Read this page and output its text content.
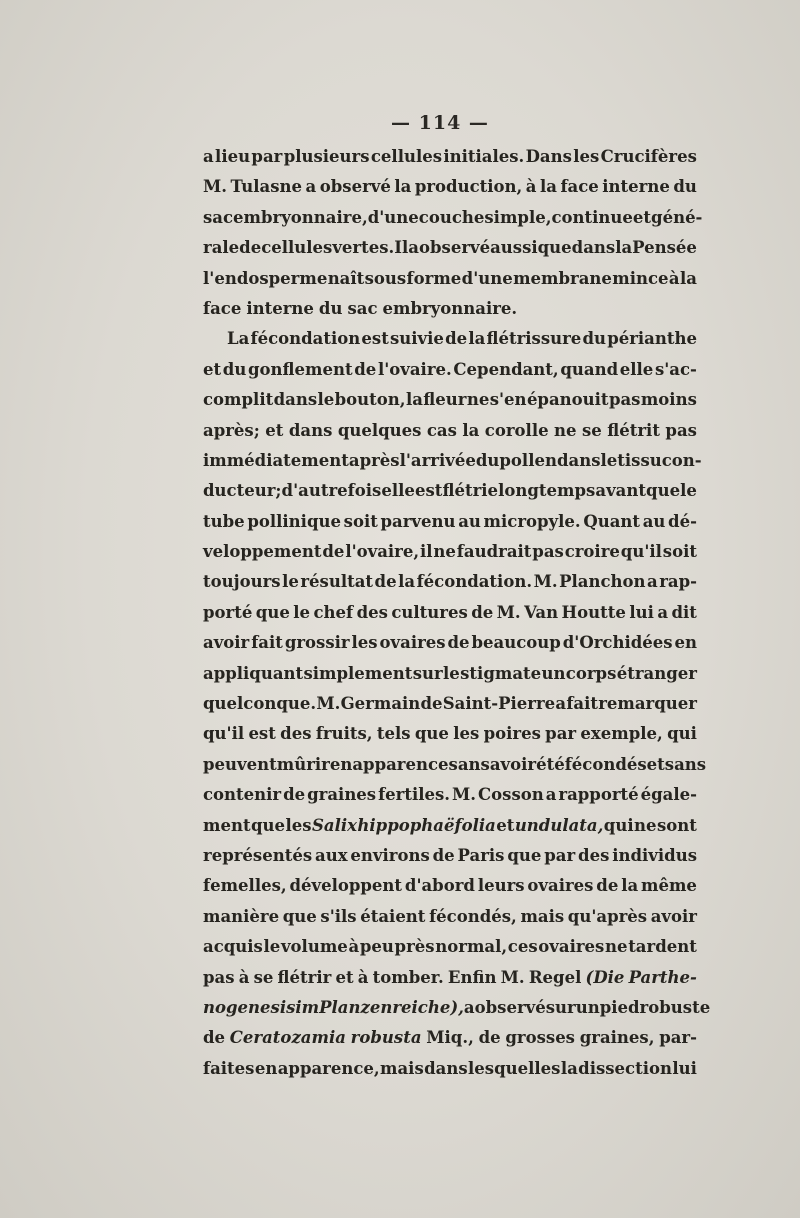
— 114 —
a lieu par plusieurs cellules initiales. Dans les Crucifères
M. Tulasne a observé la production, à la face interne du
sac embryonnaire, d'une couche simple, continue et géné-
rale de cellules vertes. Il a observé aussi que dans la Pensée
l'endosperme naît sous forme d'une membrane mince à la
face interne du sac embryonnaire.
La fécondation est suivie de la flétrissure du périanthe
et du gonflement de l'ovaire. Cependant, quand elle s'ac-
complit dans le bouton, la fleur ne s'en épanouit pas moins
après; et dans quelques cas la corolle ne se flétrit pas
immédiatement après l'arrivée du pollen dans le tissu con-
ducteur; d'autrefois elle est flétrie longtemps avant que le
tube pollinique soit parvenu au micropyle. Quant au dé-
veloppement de l'ovaire, il ne faudrait pas croire qu'il soit
toujours le résultat de la fécondation. M. Planchon a rap-
porté que le chef des cultures de M. Van Houtte lui a dit
avoir fait grossir les ovaires de beaucoup d'Orchidées en
appliquant simplement sur le stigmate un corps étranger
quelconque. M. Germain de Saint-Pierre a fait remarquer
qu'il est des fruits, tels que les poires par exemple, qui
peuvent mûrir en apparence sans avoir été fécondés et sans
contenir de graines fertiles. M. Cosson a rapporté égale-
ment que les Salix hippophaëfolia et undulata, qui ne sont
représentés aux environs de Paris que par des individus
femelles, développent d'abord leurs ovaires de la même
manière que s'ils étaient fécondés, mais qu'après avoir
acquis le volume à peu près normal, ces ovaires ne tardent
pas à se flétrir et à tomber. Enfin M. Regel (Die Parthe-
nogenesis im Planzenreiche), a observé sur un pied robuste
de Ceratozamia robusta Miq., de grosses graines, par-
faites en apparence, mais dans lesquelles la dissection lui
